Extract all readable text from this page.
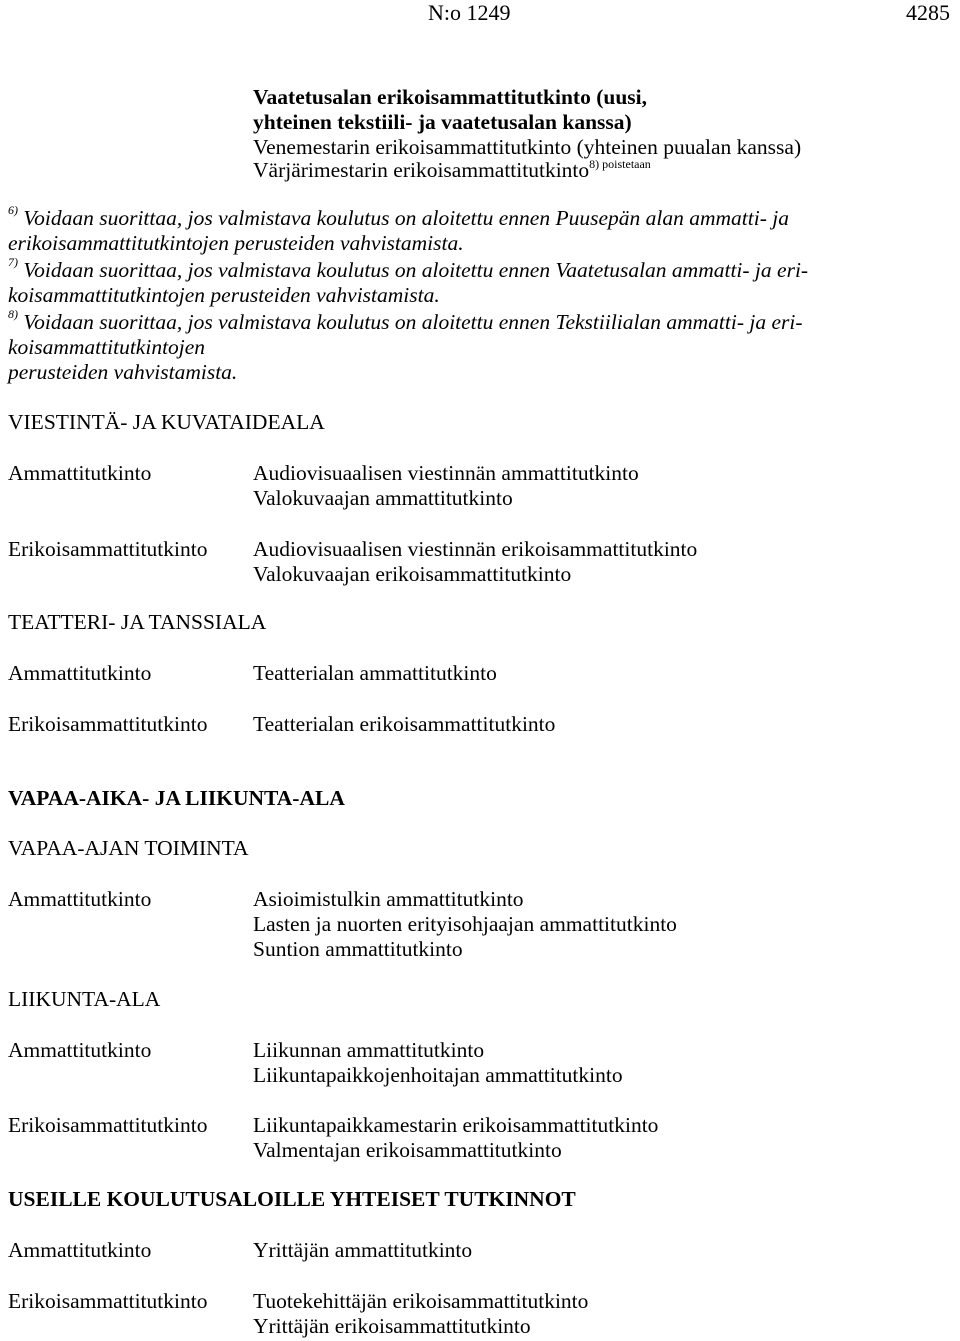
N:o 1249	4285
Vaatetusalan erikoisammattitutkinto (uusi,
yhteinen tekstiili- ja vaatetusalan kanssa)
Venemestarin erikoisammattitutkinto (yhteinen puualan kanssa)
Värjärimestarin erikoisammattitutkinto$^{8) poistetaan}$
$^{6)}$ Voidaan suorittaa, jos valmistava koulutus on aloitettu ennen Puusepän alan ammatti- ja
erikoisammattitutkintojen perusteiden vahvistamista.
$^{7)}$ Voidaan suorittaa, jos valmistava koulutus on aloitettu ennen Vaatetusalan ammatti- ja eri-
koisammattitutkintojen perusteiden vahvistamista.
$^{8)}$ Voidaan suorittaa, jos valmistava koulutus on aloitettu ennen Tekstiilialan ammatti- ja eri-
koisammattitutkintojen
perusteiden vahvistamista.
VIESTINTÄ- JA KUVATAIDEALA
Ammattitutkinto	Audiovisuaalisen viestinnän ammattitutkinto
Valokuvaajan ammattitutkinto
Erikoisammattitutkinto Audiovisuaalisen viestinnän erikoisammattitutkinto
Valokuvaajan erikoisammattitutkinto
TEATTERI- JA TANSSIALA
Ammattitutkinto	Teatterialan ammattitutkinto
Erikoisammattitutkinto Teatterialan erikoisammattitutkinto
VAPAA-AIKA- JA LIIKUNTA-ALA
VAPAA-AJAN TOIMINTA
Ammattitutkinto	Asioimistulkin ammattitutkinto
Lasten ja nuorten erityisohjaajan ammattitutkinto
Suntion ammattitutkinto
LIIKUNTA-ALA
Ammattitutkinto	Liikunnan ammattitutkinto
Liikuntapaikkojenhoitajan ammattitutkinto
Erikoisammattitutkinto Liikuntapaikkamestarin erikoisammattitutkinto
Valmentajan erikoisammattitutkinto
USEILLE KOULUTUSALOILLE YHTEISET TUTKINNOT
Ammattitutkinto	Yrittäjän ammattitutkinto
Erikoisammattitutkinto Tuotekehittäjän erikoisammattitutkinto
Yrittäjän erikoisammattitutkinto
